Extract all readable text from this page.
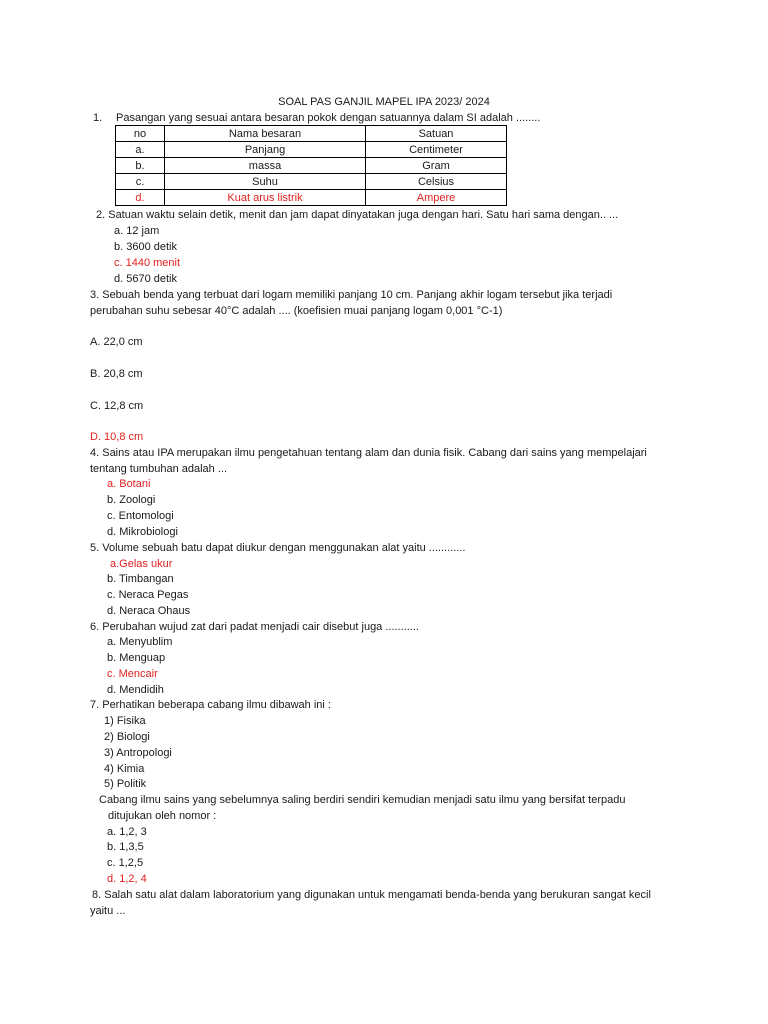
SOAL PAS GANJIL MAPEL IPA 2023/ 2024
1. Pasangan yang sesuai antara besaran pokok dengan satuannya dalam SI adalah ........
no	Nama besaran	Satuan
a.	Panjang	Centimeter
b.	massa	Gram
c.	Suhu	Celsius
d.	Kuat arus listrik	Ampere
2. Satuan waktu selain detik, menit dan jam dapat dinyatakan juga dengan hari. Satu hari sama dengan.. ...
a. 12 jam
b. 3600 detik
c. 1440 menit
d. 5670 detik
3. Sebuah benda yang terbuat dari logam memiliki panjang 10 cm. Panjang akhir logam tersebut jika terjadi
perubahan suhu sebesar 40°C adalah .... (koefisien muai panjang logam 0,001 °C-1)
A. 22,0 cm
B. 20,8 cm
C. 12,8 cm
D. 10,8 cm
4. Sains atau IPA merupakan ilmu pengetahuan tentang alam dan dunia fisik. Cabang dari sains yang mempelajari
tentang tumbuhan adalah ...
a. Botani
b. Zoologi
c. Entomologi
d. Mikrobiologi
5. Volume sebuah batu dapat diukur dengan menggunakan alat yaitu ............
a.Gelas ukur
b. Timbangan
c. Neraca Pegas
d. Neraca Ohaus
6. Perubahan wujud zat dari padat menjadi cair disebut juga ...........
a. Menyublim
b. Menguap
c. Mencair
d. Mendidih
7. Perhatikan beberapa cabang ilmu dibawah ini :
1) Fisika
2) Biologi
3) Antropologi
4) Kimia
5) Politik
Cabang ilmu sains yang sebelumnya saling berdiri sendiri kemudian menjadi satu ilmu yang bersifat terpadu
ditujukan oleh nomor :
a. 1,2, 3
b. 1,3,5
c. 1,2,5
d. 1,2, 4
8. Salah satu alat dalam laboratorium yang digunakan untuk mengamati benda-benda yang berukuran sangat kecil
yaitu ...
